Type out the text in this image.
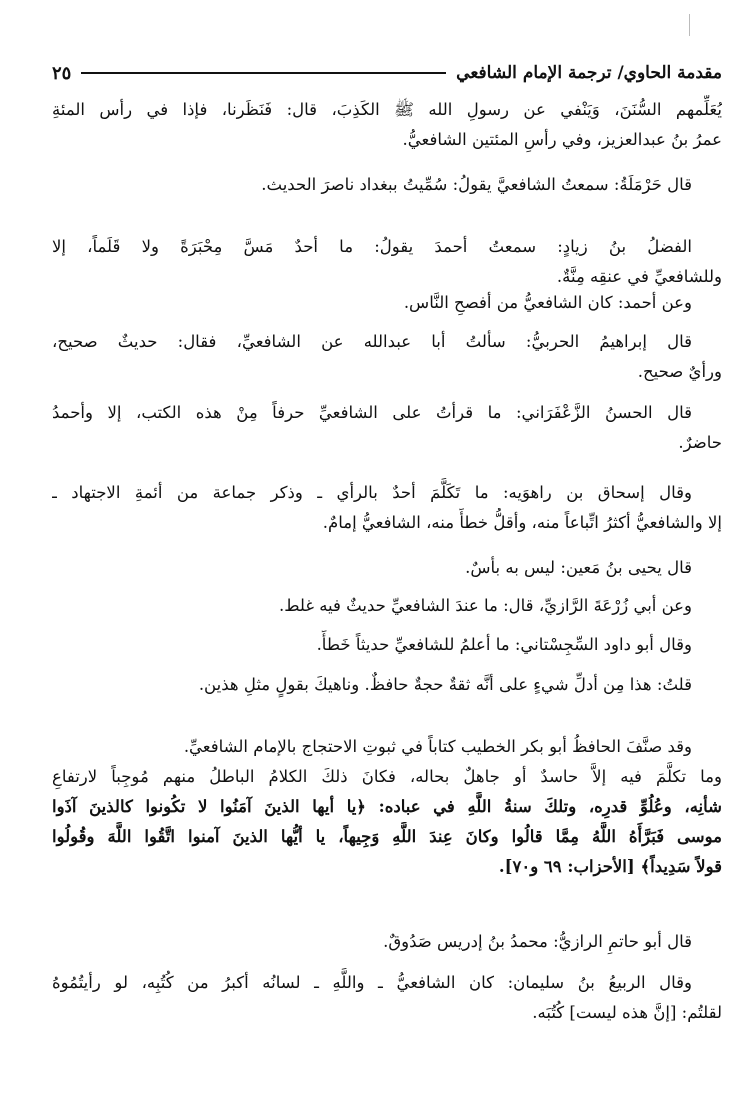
مقدمة الحاوي/ ترجمة الإمام الشافعي
٢٥
يُعَلِّمهم السُّنَنَ، وَيَنْفي عن رسولِ الله ﷺ الكَذِبَ، قال: فَنَظَرنا، فإذا في رأس المئةِ
عمرُ بنُ عبدالعزيز، وفي رأسِ المئتين الشافعيُّ.
قال حَرْمَلَةُ: سمعتُ الشافعيَّ يقولُ: سُمِّيتُ ببغداد ناصرَ الحديث.
الفضلُ بنُ زيادٍ: سمعتُ أحمدَ يقولُ: ما أحدٌ مَسَّ مِحْبَرَةً ولا قَلَماً، إلا
وللشافعيِّ في عنقِه مِنَّةٌ.
وعن أحمد: كان الشافعيُّ من أفصحِ النَّاس.
قال إبراهيمُ الحربيُّ: سألتُ أبا عبدالله عن الشافعيِّ، فقال: حديثٌ صحيح،
ورأيٌ صحيح.
قال الحسنُ الزَّعْفَرَاني: ما قرأتُ على الشافعيِّ حرفاً مِنْ هذه الكتب، إلا وأحمدُ
حاضرٌ.
وقال إسحاق بن راهوَيه: ما تَكَلَّمَ أحدٌ بالرأي ـ وذكر جماعة من أئمةِ الاجتهاد ـ
إلا والشافعيُّ أكثرُ اتِّباعاً منه، وأقلُّ خطأً منه، الشافعيُّ إمامٌ.
قال يحيى بنُ مَعين: ليس به بأسٌ.
وعن أبي زُرْعَةَ الرَّازيِّ، قال: ما عندَ الشافعيِّ حديثٌ فيه غلط.
وقال أبو داود السِّجِسْتاني: ما أعلمُ للشافعيِّ حديثاً خَطأً.
قلتُ: هذا مِن أدلِّ شيءٍ على أنَّه ثقةٌ حجةٌ حافظٌ. وناهيكَ بقولٍ مثلِ هذين.
وقد صنَّفَ الحافظُ أبو بكر الخطيب كتاباً في ثبوتِ الاحتجاج بالإمام الشافعيِّ.
وما تكلَّمَ فيه إلاَّ حاسدٌ أو جاهلٌ بحاله، فكانَ ذلكَ الكلامُ الباطلُ منهم مُوجِباً لارتفاعِ
شأنِه، وعُلُوِّ قدرِه، وتلكَ سنةُ اللَّهِ في عباده: ﴿يا أيها الذينَ آمَنُوا لا تكُونوا كالذينَ آذَوا
موسى فَبَرَّأَهُ اللَّهُ مِمَّا قالُوا وكانَ عِندَ اللَّهِ وَجِيهاً، يا أيُّها الذينَ آمنوا اتَّقُوا اللَّهَ وقُولُوا
قولاً سَدِيداً﴾ [الأحزاب: ٦٩ و٧٠].
قال أبو حاتمِ الرازيُّ: محمدُ بنُ إدريس صَدُوقٌ.
وقال الربيعُ بنُ سليمان: كان الشافعيُّ ـ واللَّهِ ـ لسانُه أكبرُ من كُتُبِه، لو رأيتُمُوهُ
لقلتُم: [إنَّ هذه ليست] كُتُبَه.
